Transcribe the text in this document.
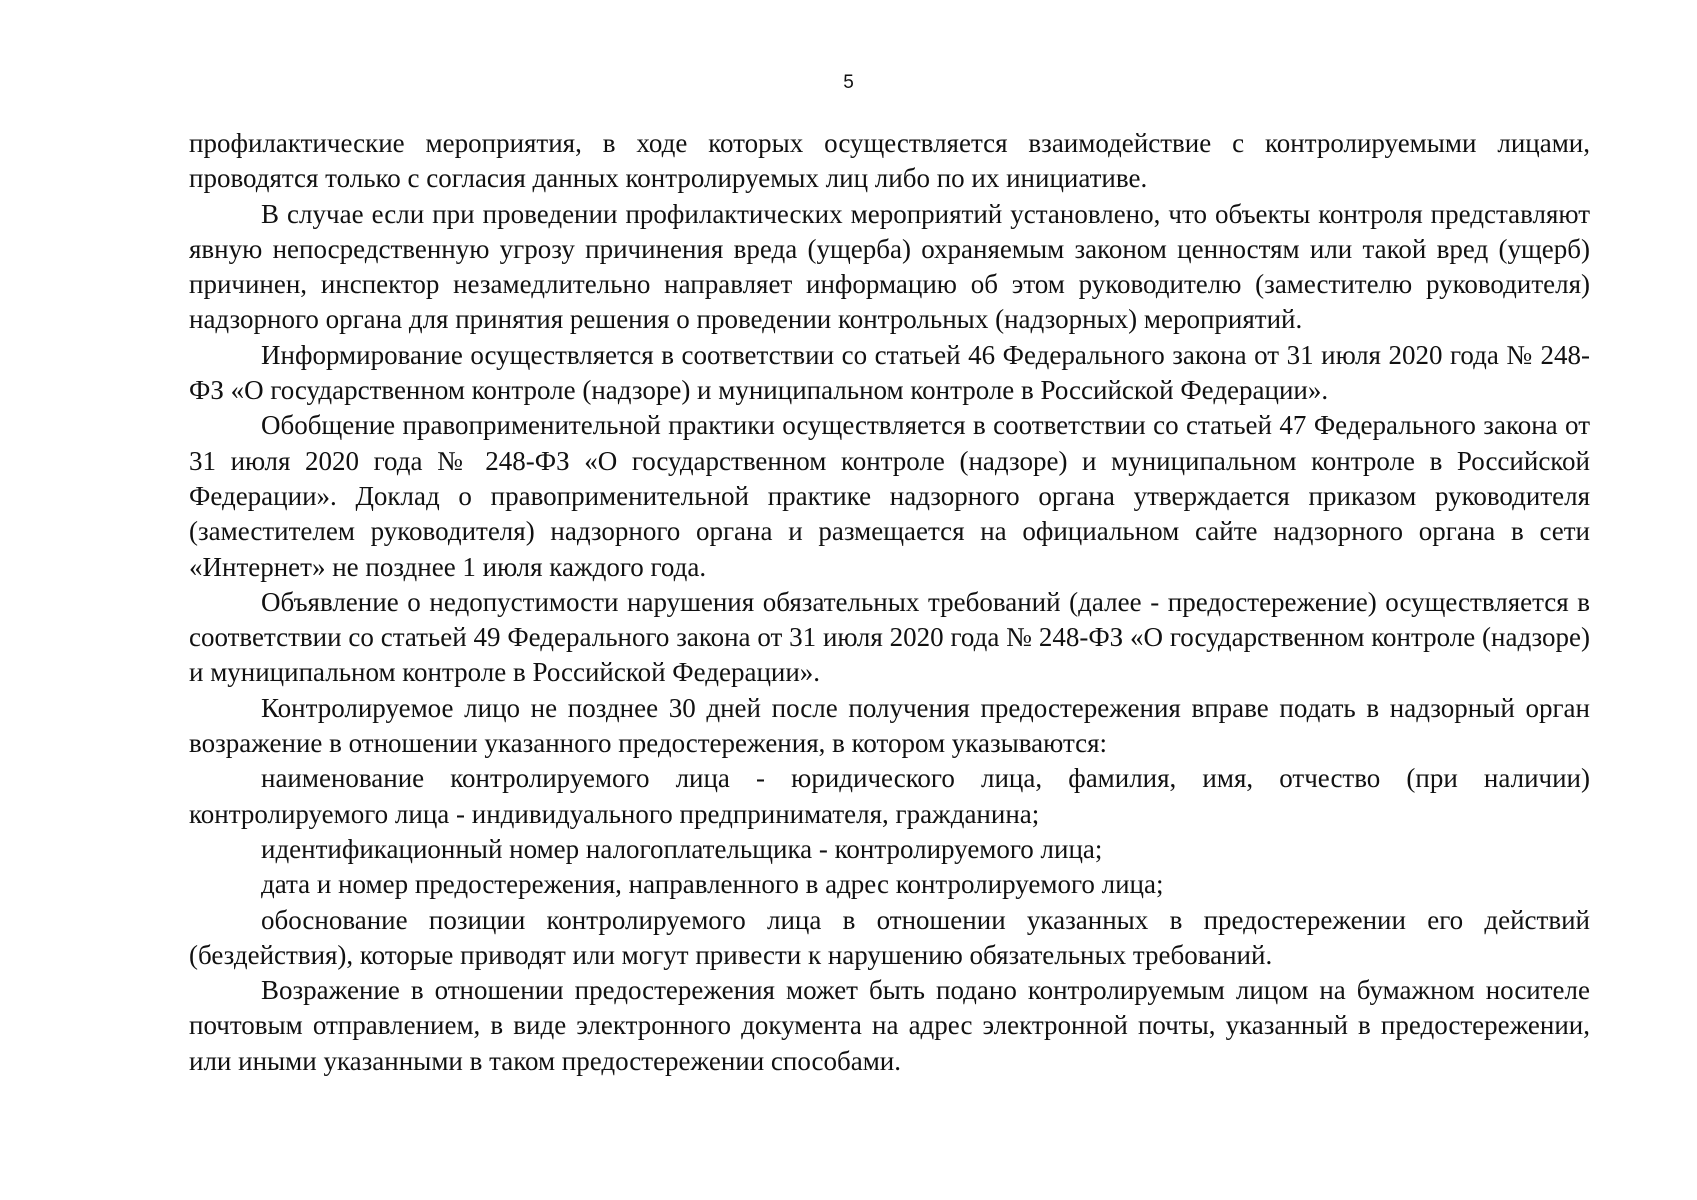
5

профилактические мероприятия, в ходе которых осуществляется взаимодействие с контролируемыми лицами, проводятся только с согласия данных контролируемых лиц либо по их инициативе.

В случае если при проведении профилактических мероприятий установлено, что объекты контроля представляют явную непосредственную угрозу причинения вреда (ущерба) охраняемым законом ценностям или такой вред (ущерб) причинен, инспектор незамедлительно направляет информацию об этом руководителю (заместителю руководителя) надзорного органа для принятия решения о проведении контрольных (надзорных) мероприятий.

Информирование осуществляется в соответствии со статьей 46 Федерального закона от 31 июля 2020 года № 248-ФЗ «О государственном контроле (надзоре) и муниципальном контроле в Российской Федерации».

Обобщение правоприменительной практики осуществляется в соответствии со статьей 47 Федерального закона от 31 июля 2020 года № 248-ФЗ «О государственном контроле (надзоре) и муниципальном контроле в Российской Федерации». Доклад о правоприменительной практике надзорного органа утверждается приказом руководителя (заместителем руководителя) надзорного органа и размещается на официальном сайте надзорного органа в сети «Интернет» не позднее 1 июля каждого года.

Объявление о недопустимости нарушения обязательных требований (далее - предостережение) осуществляется в соответствии со статьей 49 Федерального закона от 31 июля 2020 года № 248-ФЗ «О государственном контроле (надзоре) и муниципальном контроле в Российской Федерации».

Контролируемое лицо не позднее 30 дней после получения предостережения вправе подать в надзорный орган возражение в отношении указанного предостережения, в котором указываются:

наименование контролируемого лица - юридического лица, фамилия, имя, отчество (при наличии) контролируемого лица - индивидуального предпринимателя, гражданина;

идентификационный номер налогоплательщика - контролируемого лица;

дата и номер предостережения, направленного в адрес контролируемого лица;

обоснование позиции контролируемого лица в отношении указанных в предостережении его действий (бездействия), которые приводят или могут привести к нарушению обязательных требований.

Возражение в отношении предостережения может быть подано контролируемым лицом на бумажном носителе почтовым отправлением, в виде электронного документа на адрес электронной почты, указанный в предостережении, или иными указанными в таком предостережении способами.
